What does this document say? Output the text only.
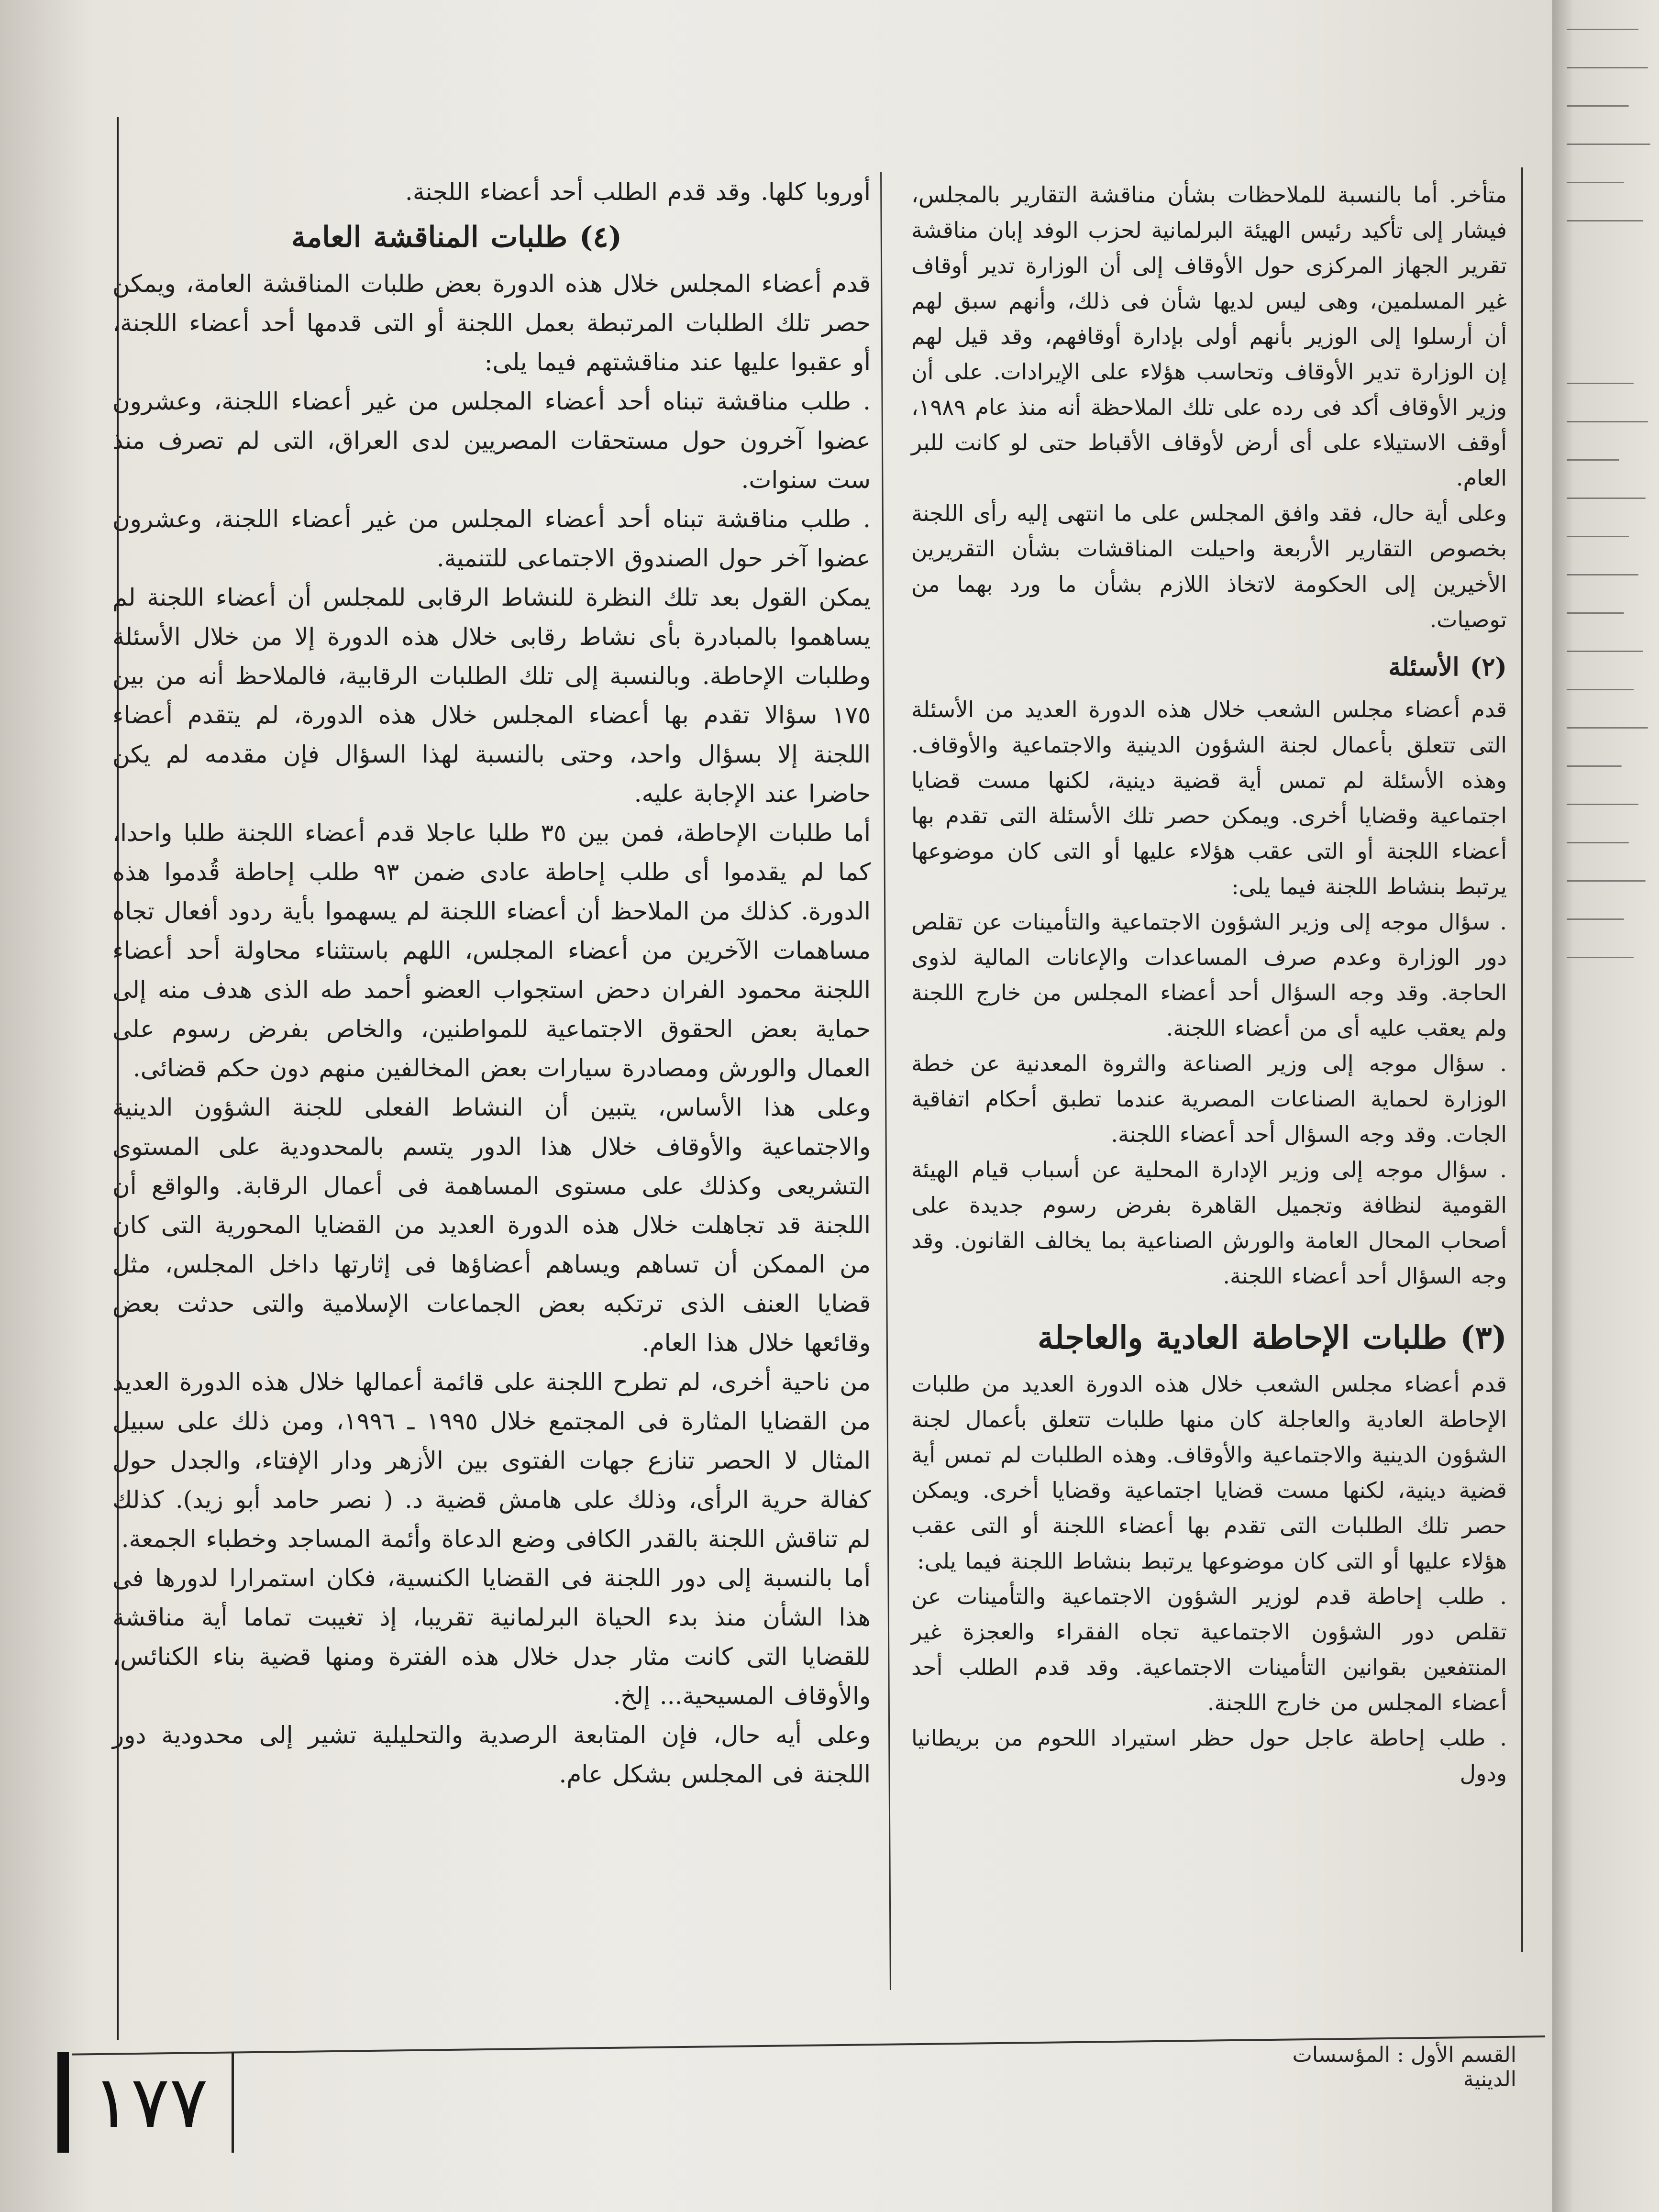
متأخر. أما بالنسبة للملاحظات بشأن مناقشة التقارير بالمجلس، فيشار إلى تأكيد رئيس الهيئة البرلمانية لحزب الوفد إبان مناقشة تقرير الجهاز المركزى حول الأوقاف إلى أن الوزارة تدير أوقاف غير المسلمين، وهى ليس لديها شأن فى ذلك، وأنهم سبق لهم أن أرسلوا إلى الوزير بأنهم أولى بإدارة أوقافهم، وقد قيل لهم إن الوزارة تدير الأوقاف وتحاسب هؤلاء على الإيرادات. على أن وزير الأوقاف أكد فى رده على تلك الملاحظة أنه منذ عام ١٩٨٩، أوقف الاستيلاء على أى أرض لأوقاف الأقباط حتى لو كانت للبر العام.

وعلى أية حال، فقد وافق المجلس على ما انتهى إليه رأى اللجنة بخصوص التقارير الأربعة واحيلت المناقشات بشأن التقريرين الأخيرين إلى الحكومة لاتخاذ اللازم بشأن ما ورد بهما من توصيات.

(٢) الأسئلة

قدم أعضاء مجلس الشعب خلال هذه الدورة العديد من الأسئلة التى تتعلق بأعمال لجنة الشؤون الدينية والاجتماعية والأوقاف. وهذه الأسئلة لم تمس أية قضية دينية، لكنها مست قضايا اجتماعية وقضايا أخرى. ويمكن حصر تلك الأسئلة التى تقدم بها أعضاء اللجنة أو التى عقب هؤلاء عليها أو التى كان موضوعها يرتبط بنشاط اللجنة فيما يلى:

. سؤال موجه إلى وزير الشؤون الاجتماعية والتأمينات عن تقلص دور الوزارة وعدم صرف المساعدات والإعانات المالية لذوى الحاجة. وقد وجه السؤال أحد أعضاء المجلس من خارج اللجنة ولم يعقب عليه أى من أعضاء اللجنة.

. سؤال موجه إلى وزير الصناعة والثروة المعدنية عن خطة الوزارة لحماية الصناعات المصرية عندما تطبق أحكام اتفاقية الجات. وقد وجه السؤال أحد أعضاء اللجنة.

. سؤال موجه إلى وزير الإدارة المحلية عن أسباب قيام الهيئة القومية لنظافة وتجميل القاهرة بفرض رسوم جديدة على أصحاب المحال العامة والورش الصناعية بما يخالف القانون. وقد وجه السؤال أحد أعضاء اللجنة.

(٣) طلبات الإحاطة العادية والعاجلة

قدم أعضاء مجلس الشعب خلال هذه الدورة العديد من طلبات الإحاطة العادية والعاجلة كان منها طلبات تتعلق بأعمال لجنة الشؤون الدينية والاجتماعية والأوقاف. وهذه الطلبات لم تمس أية قضية دينية، لكنها مست قضايا اجتماعية وقضايا أخرى. ويمكن حصر تلك الطلبات التى تقدم بها أعضاء اللجنة أو التى عقب هؤلاء عليها أو التى كان موضوعها يرتبط بنشاط اللجنة فيما يلى:

. طلب إحاطة قدم لوزير الشؤون الاجتماعية والتأمينات عن تقلص دور الشؤون الاجتماعية تجاه الفقراء والعجزة غير المنتفعين بقوانين التأمينات الاجتماعية. وقد قدم الطلب أحد أعضاء المجلس من خارج اللجنة.

. طلب إحاطة عاجل حول حظر استيراد اللحوم من بريطانيا ودول

أوروبا كلها. وقد قدم الطلب أحد أعضاء اللجنة.

(٤) طلبات المناقشة العامة

قدم أعضاء المجلس خلال هذه الدورة بعض طلبات المناقشة العامة، ويمكن حصر تلك الطلبات المرتبطة بعمل اللجنة أو التى قدمها أحد أعضاء اللجنة، أو عقبوا عليها عند مناقشتهم فيما يلى:

. طلب مناقشة تبناه أحد أعضاء المجلس من غير أعضاء اللجنة، وعشرون عضوا آخرون حول مستحقات المصريين لدى العراق، التى لم تصرف منذ ست سنوات.

. طلب مناقشة تبناه أحد أعضاء المجلس من غير أعضاء اللجنة، وعشرون عضوا آخر حول الصندوق الاجتماعى للتنمية.

يمكن القول بعد تلك النظرة للنشاط الرقابى للمجلس أن أعضاء اللجنة لم يساهموا بالمبادرة بأى نشاط رقابى خلال هذه الدورة إلا من خلال الأسئلة وطلبات الإحاطة. وبالنسبة إلى تلك الطلبات الرقابية، فالملاحظ أنه من بين ١٧٥ سؤالا تقدم بها أعضاء المجلس خلال هذه الدورة، لم يتقدم أعضاء اللجنة إلا بسؤال واحد، وحتى بالنسبة لهذا السؤال فإن مقدمه لم يكن حاضرا عند الإجابة عليه.

أما طلبات الإحاطة، فمن بين ٣٥ طلبا عاجلا قدم أعضاء اللجنة طلبا واحدا، كما لم يقدموا أى طلب إحاطة عادى ضمن ٩٣ طلب إحاطة قُدموا هذه الدورة. كذلك من الملاحظ أن أعضاء اللجنة لم يسهموا بأية ردود أفعال تجاه مساهمات الآخرين من أعضاء المجلس، اللهم باستثناء محاولة أحد أعضاء اللجنة محمود الفران دحض استجواب العضو أحمد طه الذى هدف منه إلى حماية بعض الحقوق الاجتماعية للمواطنين، والخاص بفرض رسوم على العمال والورش ومصادرة سيارات بعض المخالفين منهم دون حكم قضائى.

وعلى هذا الأساس، يتبين أن النشاط الفعلى للجنة الشؤون الدينية والاجتماعية والأوقاف خلال هذا الدور يتسم بالمحدودية على المستوى التشريعى وكذلك على مستوى المساهمة فى أعمال الرقابة. والواقع أن اللجنة قد تجاهلت خلال هذه الدورة العديد من القضايا المحورية التى كان من الممكن أن تساهم ويساهم أعضاؤها فى إثارتها داخل المجلس، مثل قضايا العنف الذى ترتكبه بعض الجماعات الإسلامية والتى حدثت بعض وقائعها خلال هذا العام.

من ناحية أخرى، لم تطرح اللجنة على قائمة أعمالها خلال هذه الدورة العديد من القضايا المثارة فى المجتمع خلال ١٩٩٥ ـ ١٩٩٦، ومن ذلك على سبيل المثال لا الحصر تنازع جهات الفتوى بين الأزهر ودار الإفتاء، والجدل حول كفالة حرية الرأى، وذلك على هامش قضية د. ( نصر حامد أبو زيد). كذلك لم تناقش اللجنة بالقدر الكافى وضع الدعاة وأئمة المساجد وخطباء الجمعة.

أما بالنسبة إلى دور اللجنة فى القضايا الكنسية، فكان استمرارا لدورها فى هذا الشأن منذ بدء الحياة البرلمانية تقريبا، إذ تغيبت تماما أية مناقشة للقضايا التى كانت مثار جدل خلال هذه الفترة ومنها قضية بناء الكنائس، والأوقاف المسيحية... إلخ.

وعلى أيه حال، فإن المتابعة الرصدية والتحليلية تشير إلى محدودية دور اللجنة فى المجلس بشكل عام.

١٧٧
القسم الأول : المؤسسات الدينية
